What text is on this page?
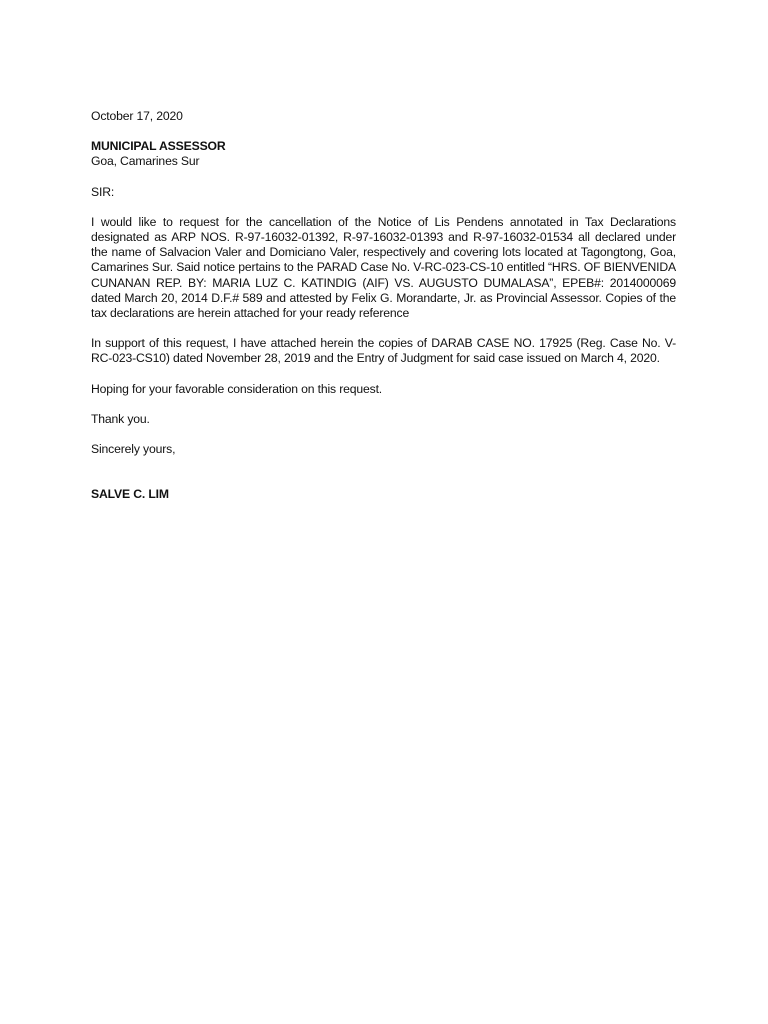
October 17, 2020

MUNICIPAL ASSESSOR

Goa, Camarines Sur

SIR:

I would like to request for the cancellation of the Notice of Lis Pendens annotated in Tax Declarations designated as ARP NOS. R-97-16032-01392, R-97-16032-01393 and R-97-16032-01534 all declared under the name of Salvacion Valer and Domiciano Valer, respectively and covering lots located at Tagongtong, Goa, Camarines Sur. Said notice pertains to the PARAD Case No. V-RC-023-CS-10 entitled “HRS. OF BIENVENIDA CUNANAN REP. BY: MARIA LUZ C. KATINDIG (AIF) VS. AUGUSTO DUMALASA”, EPEB#: 2014000069 dated March 20, 2014 D.F.# 589 and attested by Felix G. Morandarte, Jr. as Provincial Assessor. Copies of the tax declarations are herein attached for your ready reference

In support of this request, I have attached herein the copies of DARAB CASE NO. 17925 (Reg. Case No. V-RC-023-CS10) dated November 28, 2019 and the Entry of Judgment for said case issued on March 4, 2020.

Hoping for your favorable consideration on this request.

Thank you.

Sincerely yours,

SALVE C. LIM
